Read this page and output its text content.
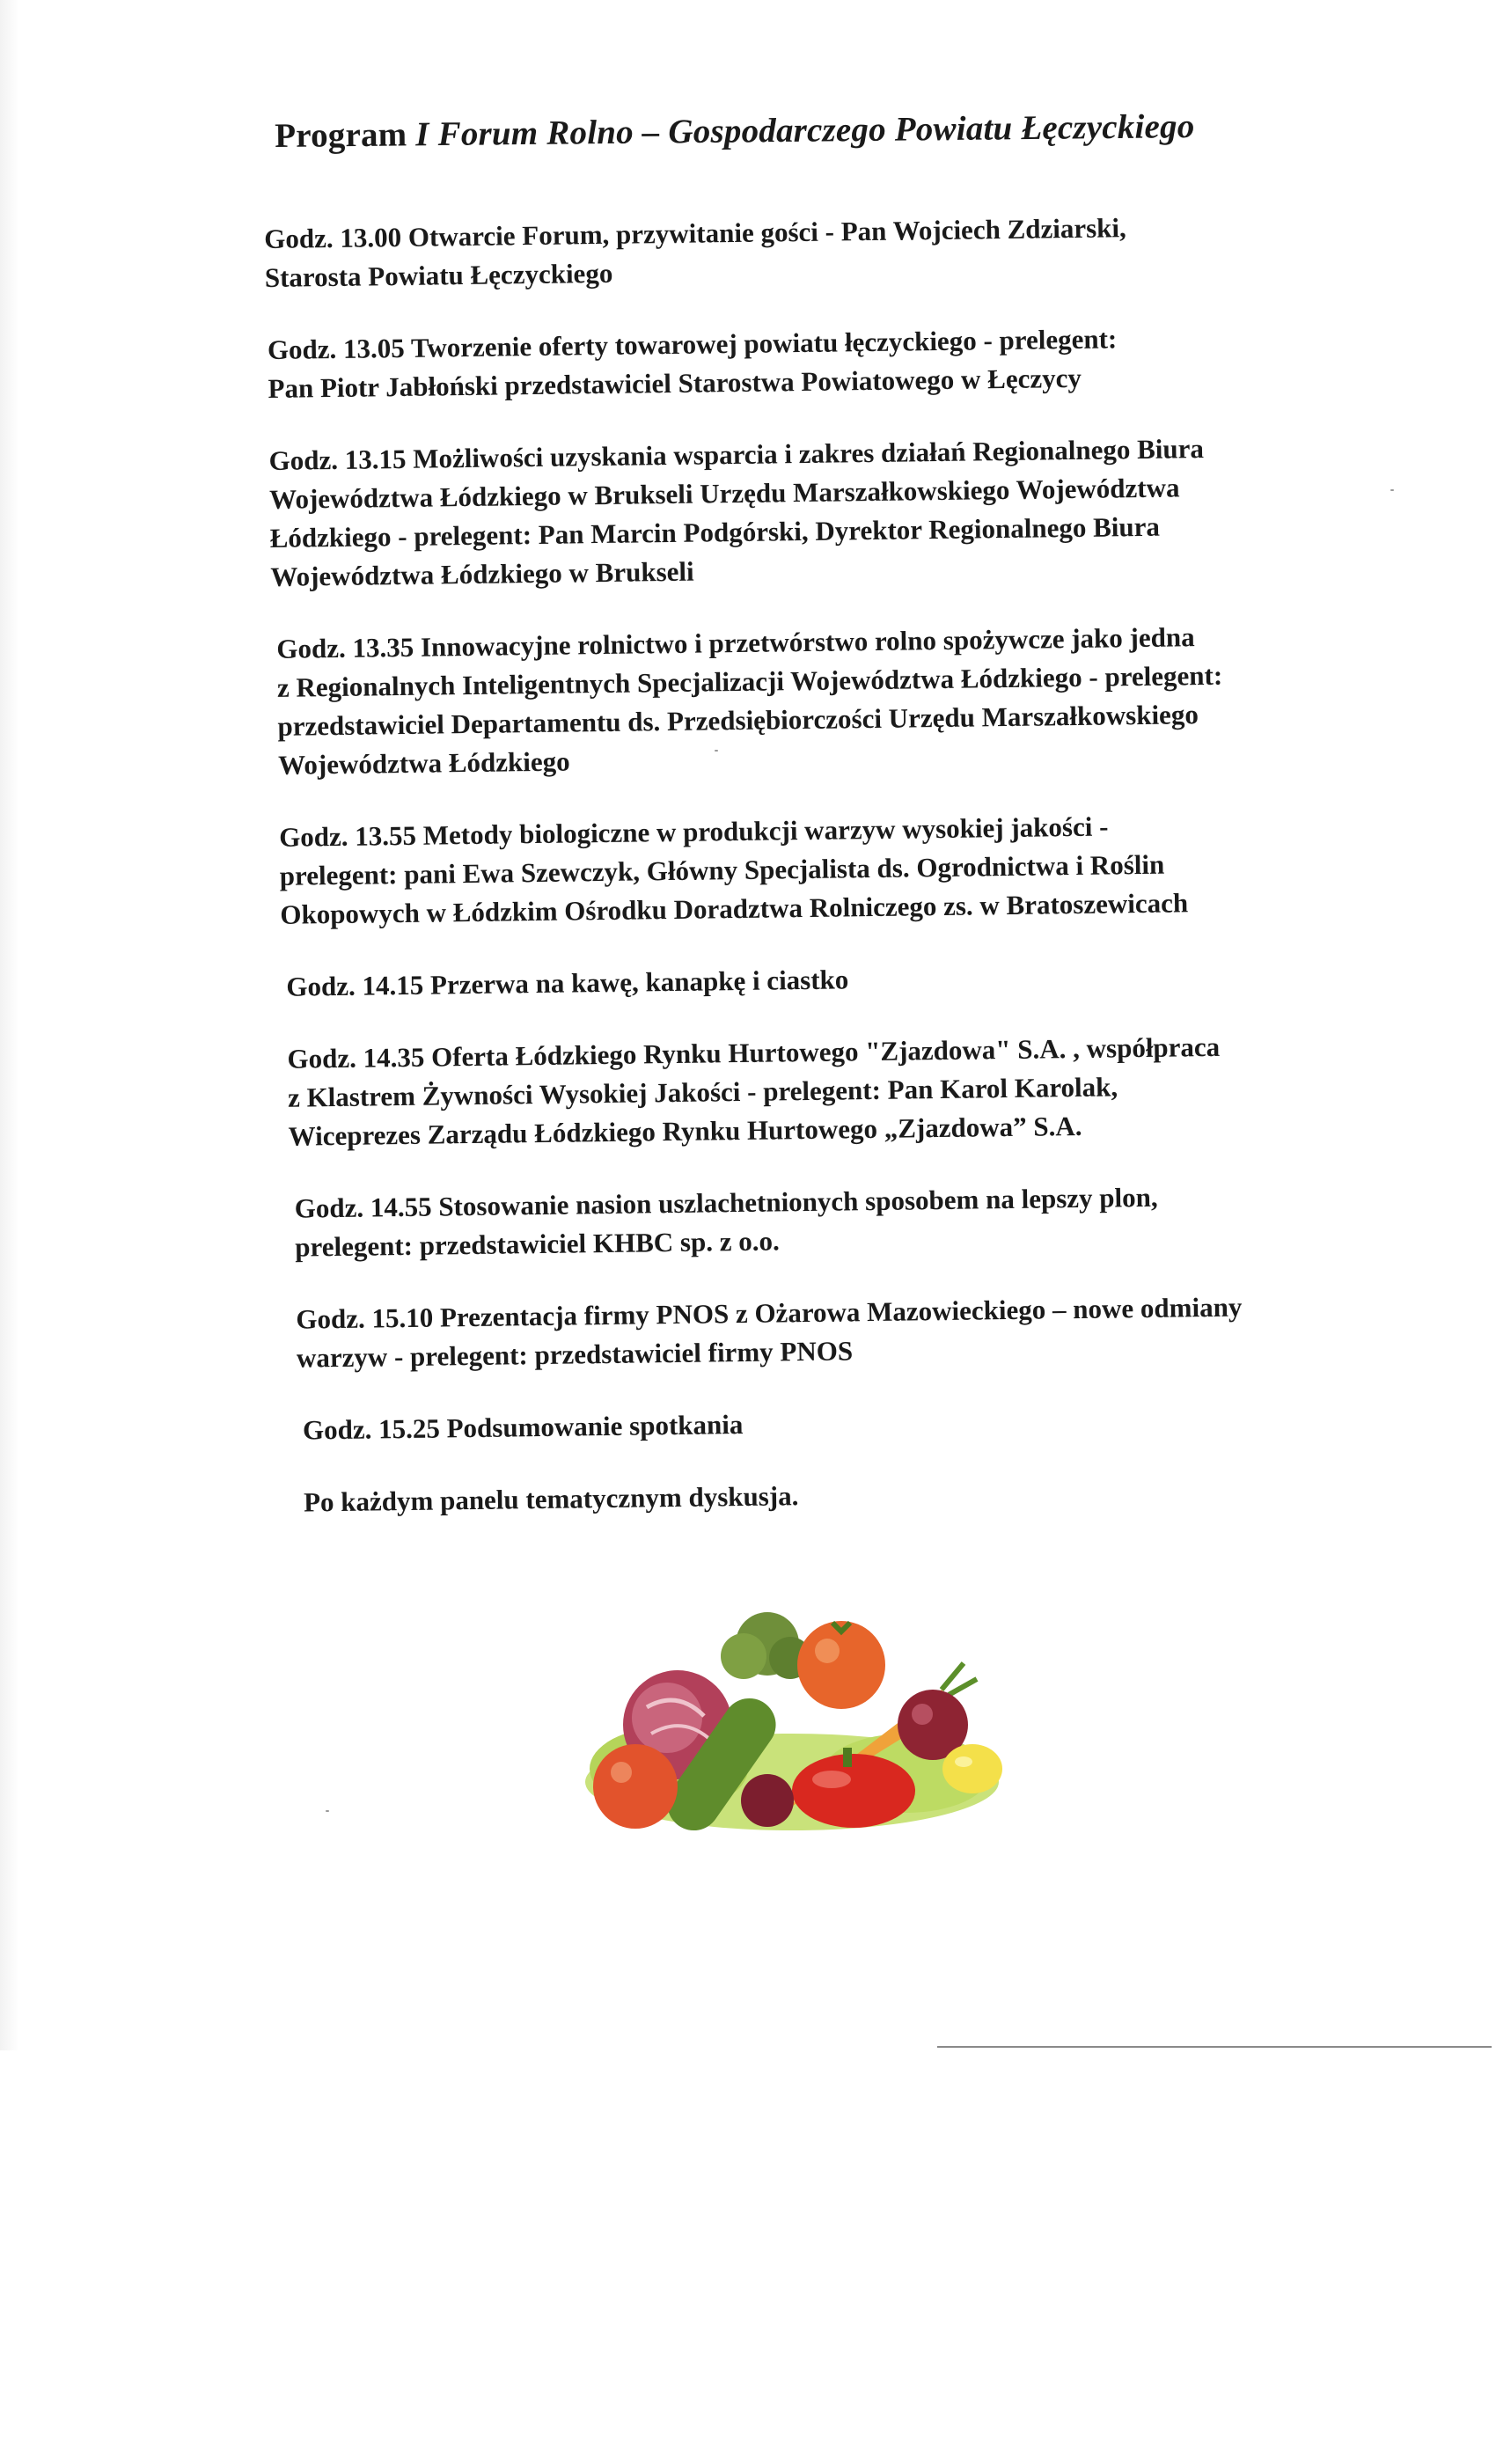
Program I Forum Rolno – Gospodarczego Powiatu Łęczyckiego
Godz. 13.00 Otwarcie Forum, przywitanie gości - Pan Wojciech Zdziarski,
Starosta Powiatu Łęczyckiego
Godz. 13.05 Tworzenie oferty towarowej powiatu łęczyckiego - prelegent:
Pan Piotr Jabłoński przedstawiciel Starostwa Powiatowego w Łęczycy
Godz. 13.15 Możliwości uzyskania wsparcia i zakres działań Regionalnego Biura
Województwa Łódzkiego w Brukseli Urzędu Marszałkowskiego Województwa
Łódzkiego - prelegent: Pan Marcin Podgórski, Dyrektor Regionalnego Biura
Województwa Łódzkiego w Brukseli
Godz. 13.35 Innowacyjne rolnictwo i przetwórstwo rolno spożywcze jako jedna
z Regionalnych Inteligentnych Specjalizacji Województwa Łódzkiego - prelegent:
przedstawiciel Departamentu ds. Przedsiębiorczości Urzędu Marszałkowskiego
Województwa Łódzkiego
Godz. 13.55 Metody biologiczne w produkcji warzyw wysokiej jakości -
prelegent: pani Ewa Szewczyk, Główny Specjalista ds. Ogrodnictwa i Roślin
Okopowych w Łódzkim Ośrodku Doradztwa Rolniczego zs. w Bratoszewicach
Godz. 14.15 Przerwa na kawę, kanapkę i ciastko
Godz. 14.35 Oferta Łódzkiego Rynku Hurtowego "Zjazdowa" S.A. , współpraca
z Klastrem Żywności Wysokiej Jakości - prelegent: Pan Karol Karolak,
Wiceprezes Zarządu Łódzkiego Rynku Hurtowego „Zjazdowa” S.A.
Godz. 14.55 Stosowanie nasion uszlachetnionych sposobem na lepszy plon,
prelegent: przedstawiciel KHBC sp. z o.o.
Godz. 15.10 Prezentacja firmy PNOS z Ożarowa Mazowieckiego – nowe odmiany
warzyw - prelegent: przedstawiciel firmy PNOS
Godz. 15.25 Podsumowanie spotkania
Po każdym panelu tematycznym dyskusja.
